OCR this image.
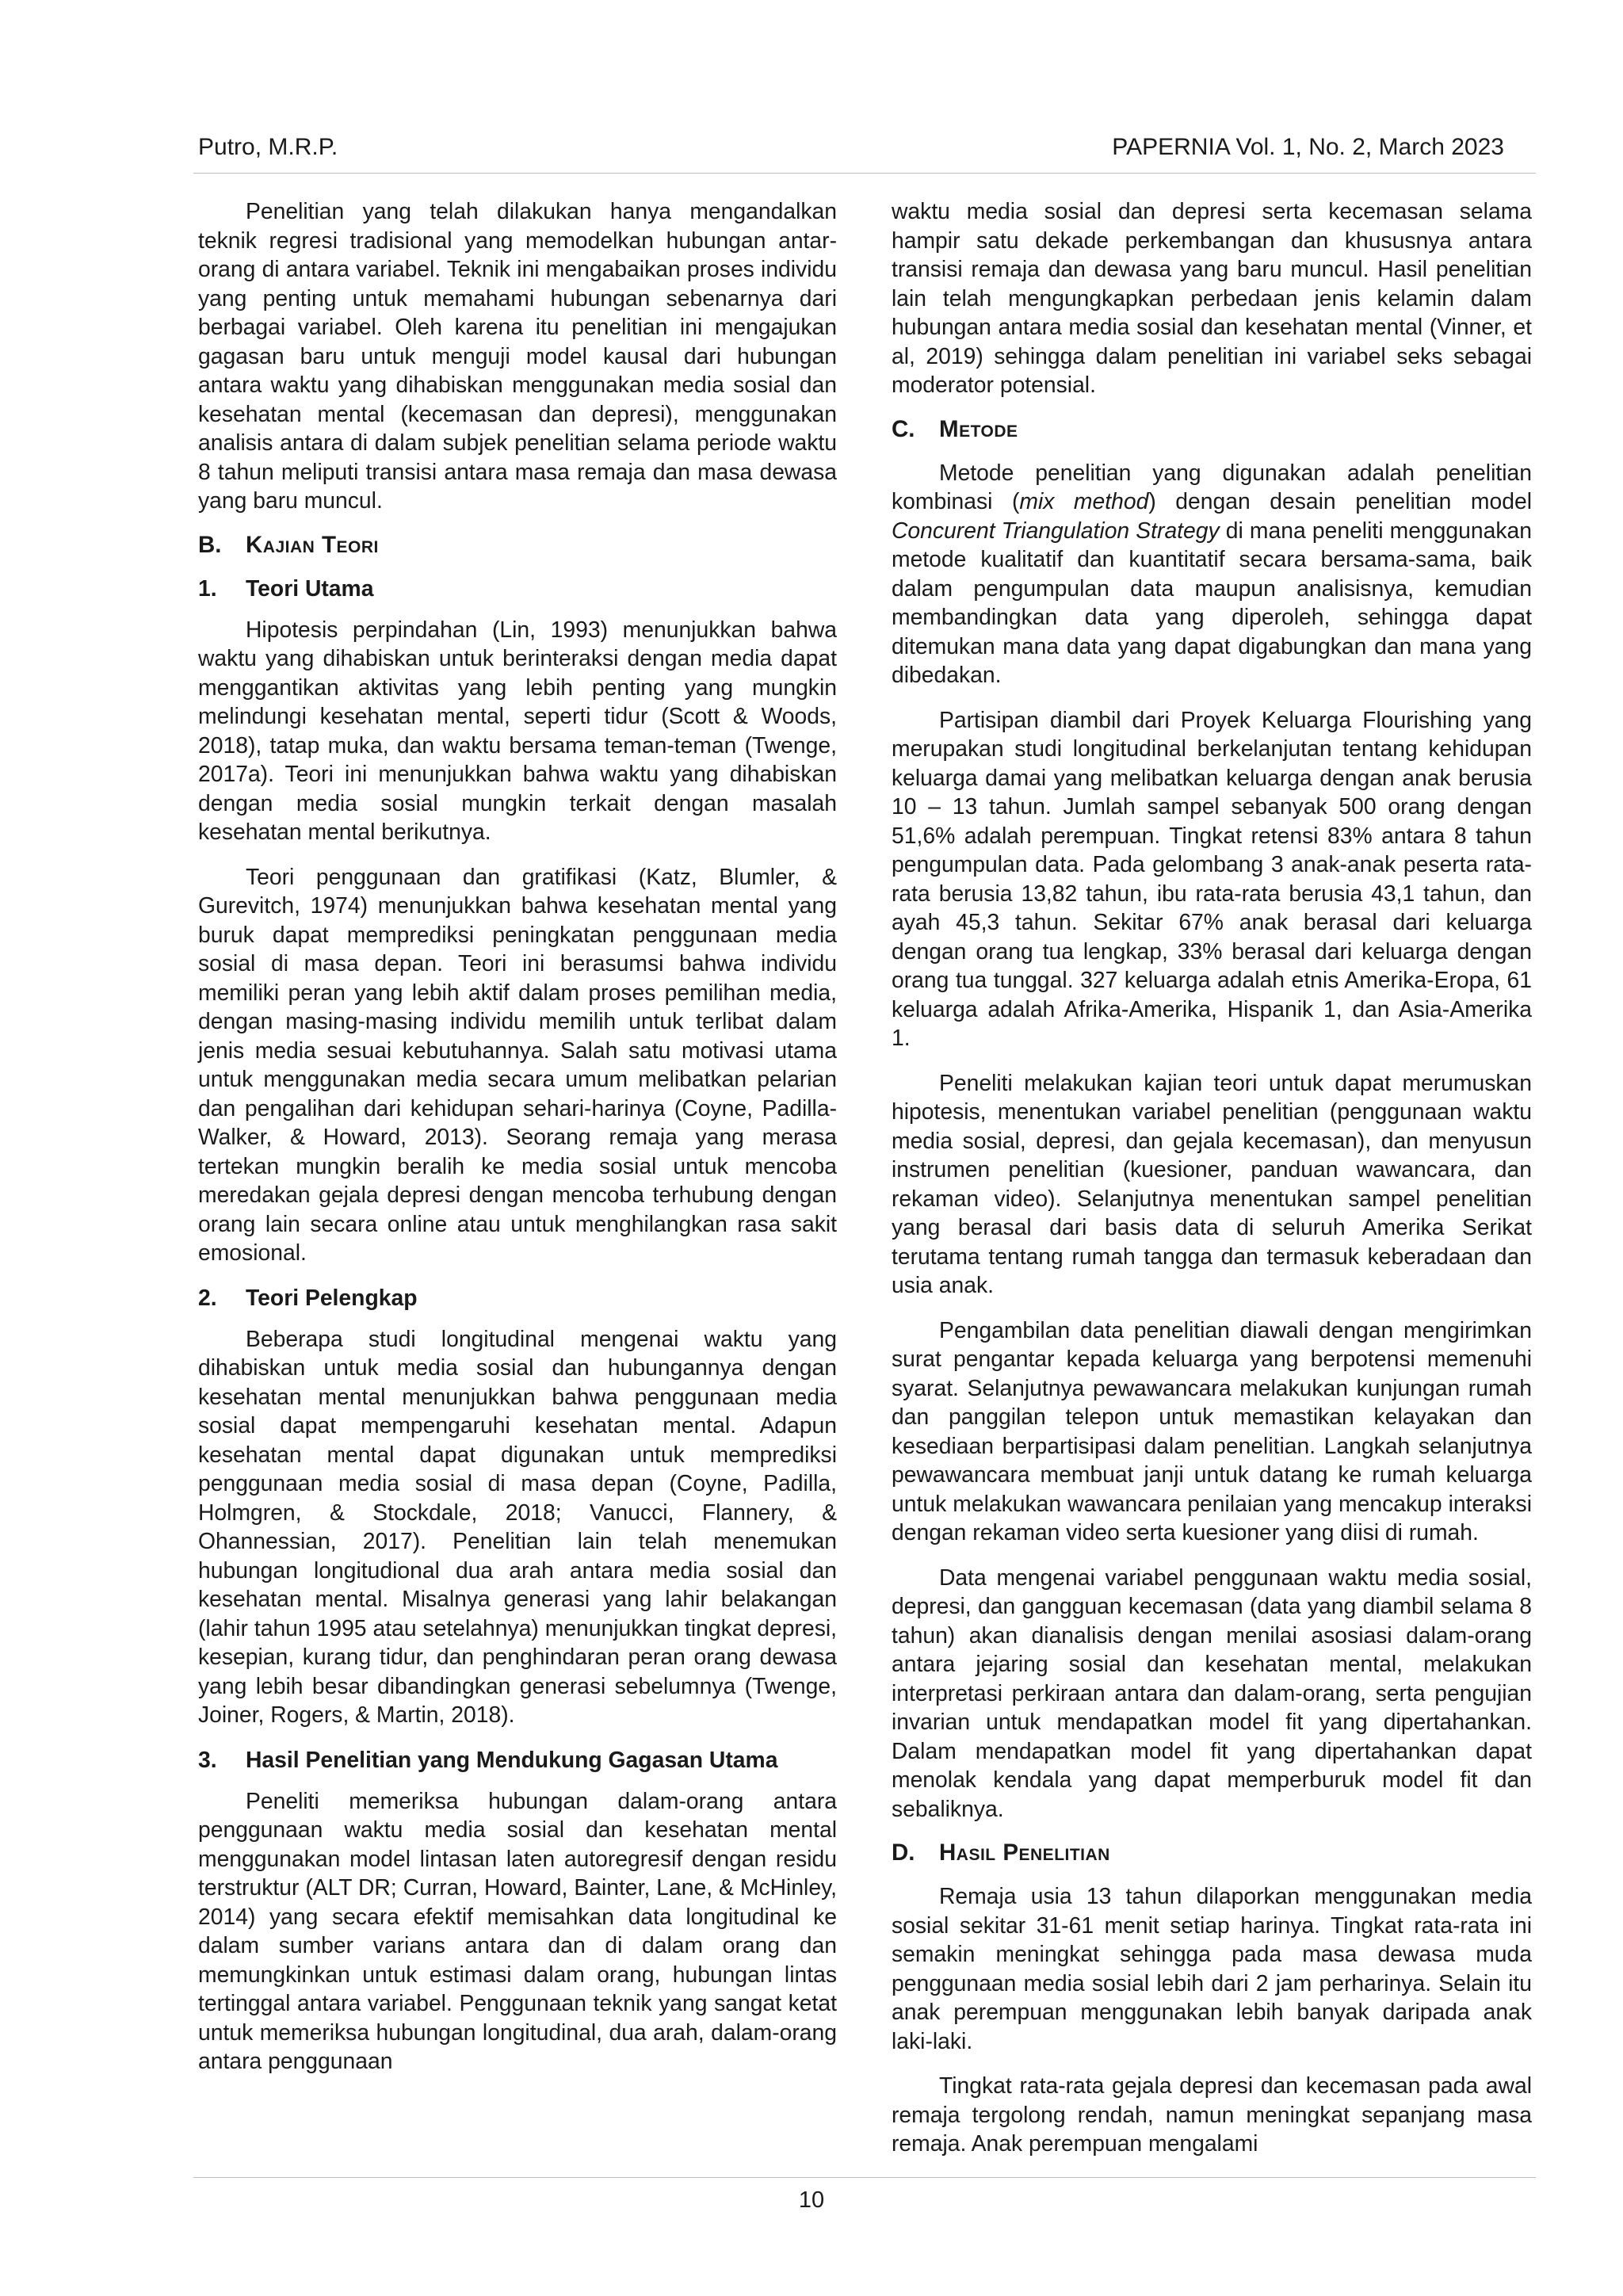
Putro, M.R.P.	PAPERNIA Vol. 1, No. 2, March 2023

Penelitian yang telah dilakukan hanya mengandalkan teknik regresi tradisional yang memodelkan hubungan antar-orang di antara variabel. Teknik ini mengabaikan proses individu yang penting untuk memahami hubungan sebenarnya dari berbagai variabel. Oleh karena itu penelitian ini mengajukan gagasan baru untuk menguji model kausal dari hubungan antara waktu yang dihabiskan menggunakan media sosial dan kesehatan mental (kecemasan dan depresi), menggunakan analisis antara di dalam subjek penelitian selama periode waktu 8 tahun meliputi transisi antara masa remaja dan masa dewasa yang baru muncul.

B. Kajian Teori
1. Teori Utama

Hipotesis perpindahan (Lin, 1993) menunjukkan bahwa waktu yang dihabiskan untuk berinteraksi dengan media dapat menggantikan aktivitas yang lebih penting yang mungkin melindungi kesehatan mental, seperti tidur (Scott & Woods, 2018), tatap muka, dan waktu bersama teman-teman (Twenge, 2017a). Teori ini menunjukkan bahwa waktu yang dihabiskan dengan media sosial mungkin terkait dengan masalah kesehatan mental berikutnya.

Teori penggunaan dan gratifikasi (Katz, Blumler, & Gurevitch, 1974) menunjukkan bahwa kesehatan mental yang buruk dapat memprediksi peningkatan penggunaan media sosial di masa depan. Teori ini berasumsi bahwa individu memiliki peran yang lebih aktif dalam proses pemilihan media, dengan masing-masing individu memilih untuk terlibat dalam jenis media sesuai kebutuhannya. Salah satu motivasi utama untuk menggunakan media secara umum melibatkan pelarian dan pengalihan dari kehidupan sehari-harinya (Coyne, Padilla-Walker, & Howard, 2013). Seorang remaja yang merasa tertekan mungkin beralih ke media sosial untuk mencoba meredakan gejala depresi dengan mencoba terhubung dengan orang lain secara online atau untuk menghilangkan rasa sakit emosional.

2. Teori Pelengkap

Beberapa studi longitudinal mengenai waktu yang dihabiskan untuk media sosial dan hubungannya dengan kesehatan mental menunjukkan bahwa penggunaan media sosial dapat mempengaruhi kesehatan mental. Adapun kesehatan mental dapat digunakan untuk memprediksi penggunaan media sosial di masa depan (Coyne, Padilla, Holmgren, & Stockdale, 2018; Vanucci, Flannery, & Ohannessian, 2017). Penelitian lain telah menemukan hubungan longitudional dua arah antara media sosial dan kesehatan mental. Misalnya generasi yang lahir belakangan (lahir tahun 1995 atau setelahnya) menunjukkan tingkat depresi, kesepian, kurang tidur, dan penghindaran peran orang dewasa yang lebih besar dibandingkan generasi sebelumnya (Twenge, Joiner, Rogers, & Martin, 2018).

3. Hasil Penelitian yang Mendukung Gagasan Utama

Peneliti memeriksa hubungan dalam-orang antara penggunaan waktu media sosial dan kesehatan mental menggunakan model lintasan laten autoregresif dengan residu terstruktur (ALT DR; Curran, Howard, Bainter, Lane, & McHinley, 2014) yang secara efektif memisahkan data longitudinal ke dalam sumber varians antara dan di dalam orang dan memungkinkan untuk estimasi dalam orang, hubungan lintas tertinggal antara variabel. Penggunaan teknik yang sangat ketat untuk memeriksa hubungan longitudinal, dua arah, dalam-orang antara penggunaan

waktu media sosial dan depresi serta kecemasan selama hampir satu dekade perkembangan dan khususnya antara transisi remaja dan dewasa yang baru muncul. Hasil penelitian lain telah mengungkapkan perbedaan jenis kelamin dalam hubungan antara media sosial dan kesehatan mental (Vinner, et al, 2019) sehingga dalam penelitian ini variabel seks sebagai moderator potensial.

C. Metode

Metode penelitian yang digunakan adalah penelitian kombinasi (mix method) dengan desain penelitian model Concurent Triangulation Strategy di mana peneliti menggunakan metode kualitatif dan kuantitatif secara bersama-sama, baik dalam pengumpulan data maupun analisisnya, kemudian membandingkan data yang diperoleh, sehingga dapat ditemukan mana data yang dapat digabungkan dan mana yang dibedakan.

Partisipan diambil dari Proyek Keluarga Flourishing yang merupakan studi longitudinal berkelanjutan tentang kehidupan keluarga damai yang melibatkan keluarga dengan anak berusia 10 – 13 tahun. Jumlah sampel sebanyak 500 orang dengan 51,6% adalah perempuan. Tingkat retensi 83% antara 8 tahun pengumpulan data. Pada gelombang 3 anak-anak peserta rata-rata berusia 13,82 tahun, ibu rata-rata berusia 43,1 tahun, dan ayah 45,3 tahun. Sekitar 67% anak berasal dari keluarga dengan orang tua lengkap, 33% berasal dari keluarga dengan orang tua tunggal. 327 keluarga adalah etnis Amerika-Eropa, 61 keluarga adalah Afrika-Amerika, Hispanik 1, dan Asia-Amerika 1.

Peneliti melakukan kajian teori untuk dapat merumuskan hipotesis, menentukan variabel penelitian (penggunaan waktu media sosial, depresi, dan gejala kecemasan), dan menyusun instrumen penelitian (kuesioner, panduan wawancara, dan rekaman video). Selanjutnya menentukan sampel penelitian yang berasal dari basis data di seluruh Amerika Serikat terutama tentang rumah tangga dan termasuk keberadaan dan usia anak.

Pengambilan data penelitian diawali dengan mengirimkan surat pengantar kepada keluarga yang berpotensi memenuhi syarat. Selanjutnya pewawancara melakukan kunjungan rumah dan panggilan telepon untuk memastikan kelayakan dan kesediaan berpartisipasi dalam penelitian. Langkah selanjutnya pewawancara membuat janji untuk datang ke rumah keluarga untuk melakukan wawancara penilaian yang mencakup interaksi dengan rekaman video serta kuesioner yang diisi di rumah.

Data mengenai variabel penggunaan waktu media sosial, depresi, dan gangguan kecemasan (data yang diambil selama 8 tahun) akan dianalisis dengan menilai asosiasi dalam-orang antara jejaring sosial dan kesehatan mental, melakukan interpretasi perkiraan antara dan dalam-orang, serta pengujian invarian untuk mendapatkan model fit yang dipertahankan. Dalam mendapatkan model fit yang dipertahankan dapat menolak kendala yang dapat memperburuk model fit dan sebaliknya.

D. Hasil Penelitian

Remaja usia 13 tahun dilaporkan menggunakan media sosial sekitar 31-61 menit setiap harinya. Tingkat rata-rata ini semakin meningkat sehingga pada masa dewasa muda penggunaan media sosial lebih dari 2 jam perharinya. Selain itu anak perempuan menggunakan lebih banyak daripada anak laki-laki.

Tingkat rata-rata gejala depresi dan kecemasan pada awal remaja tergolong rendah, namun meningkat sepanjang masa remaja. Anak perempuan mengalami

10
